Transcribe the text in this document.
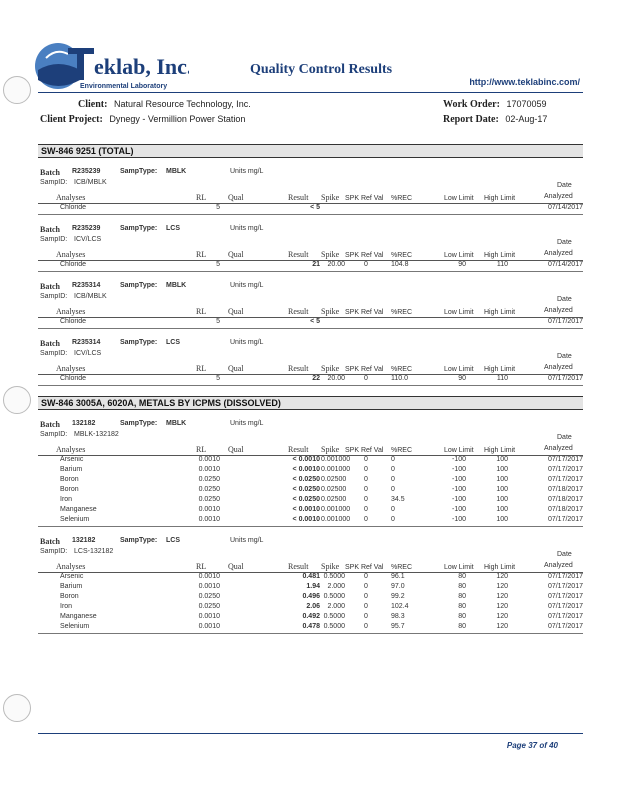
eklab, Inc.
Environmental Laboratory
Quality Control Results
http://www.teklabinc.com/
Client: Natural Resource Technology, Inc.
Client Project: Dynegy - Vermillion Power Station
Work Order: 17070059
Report Date: 02-Aug-17
SW-846 9251 (TOTAL)
Batch R235239	SampType: MBLK	Units mg/L
SampID: ICB/MBLK	Date
Analyses	RL	Qual	Result Spike SPK Ref Val %REC	Low Limit High Limit	Analyzed
Chloride	5	< 5	07/14/2017
Batch R235239	SampType: LCS	Units mg/L
SampID: ICV/LCS	Date
Analyses	RL	Qual	Result Spike SPK Ref Val %REC	Low Limit High Limit	Analyzed
Chloride	5	21	20.00	0	104.8	90	110	07/14/2017
Batch R235314	SampType: MBLK	Units mg/L
SampID: ICB/MBLK	Date
Analyses	RL	Qual	Result Spike SPK Ref Val %REC	Low Limit High Limit	Analyzed
Chloride	5	< 5	07/17/2017
Batch R235314	SampType: LCS	Units mg/L
SampID: ICV/LCS	Date
Analyses	RL	Qual	Result Spike SPK Ref Val %REC	Low Limit High Limit	Analyzed
Chloride	5	22	20.00	0	110.0	90	110	07/17/2017
SW-846 3005A, 6020A, METALS BY ICPMS (DISSOLVED)
Batch 132182	SampType: MBLK	Units mg/L
SampID: MBLK-132182	Date
Analyses	RL	Qual	Result Spike SPK Ref Val %REC	Low Limit High Limit	Analyzed
Arsenic	0.0010	< 0.0010 0.001000	0	0	-100	100	07/17/2017
Barium	0.0010	< 0.0010 0.001000	0	0	-100	100	07/17/2017
Boron	0.0250	< 0.0250 0.02500	0	0	-100	100	07/17/2017
Boron	0.0250	< 0.0250 0.02500	0	0	-100	100	07/18/2017
Iron	0.0250	< 0.0250 0.02500	0	34.5	-100	100	07/18/2017
Manganese	0.0010	< 0.0010 0.001000	0	0	-100	100	07/18/2017
Selenium	0.0010	< 0.0010 0.001000	0	0	-100	100	07/17/2017
Batch 132182	SampType: LCS	Units mg/L
SampID: LCS-132182	Date
Analyses	RL	Qual	Result Spike SPK Ref Val %REC	Low Limit High Limit	Analyzed
Arsenic	0.0010	0.481 0.5000	0	96.1	80	120	07/17/2017
Barium	0.0010	1.94	2.000	0	97.0	80	120	07/17/2017
Boron	0.0250	0.496 0.5000	0	99.2	80	120	07/17/2017
Iron	0.0250	2.06	2.000	0	102.4	80	120	07/17/2017
Manganese	0.0010	0.492 0.5000	0	98.3	80	120	07/17/2017
Selenium	0.0010	0.478 0.5000	0	95.7	80	120	07/17/2017
Page 37 of 40
